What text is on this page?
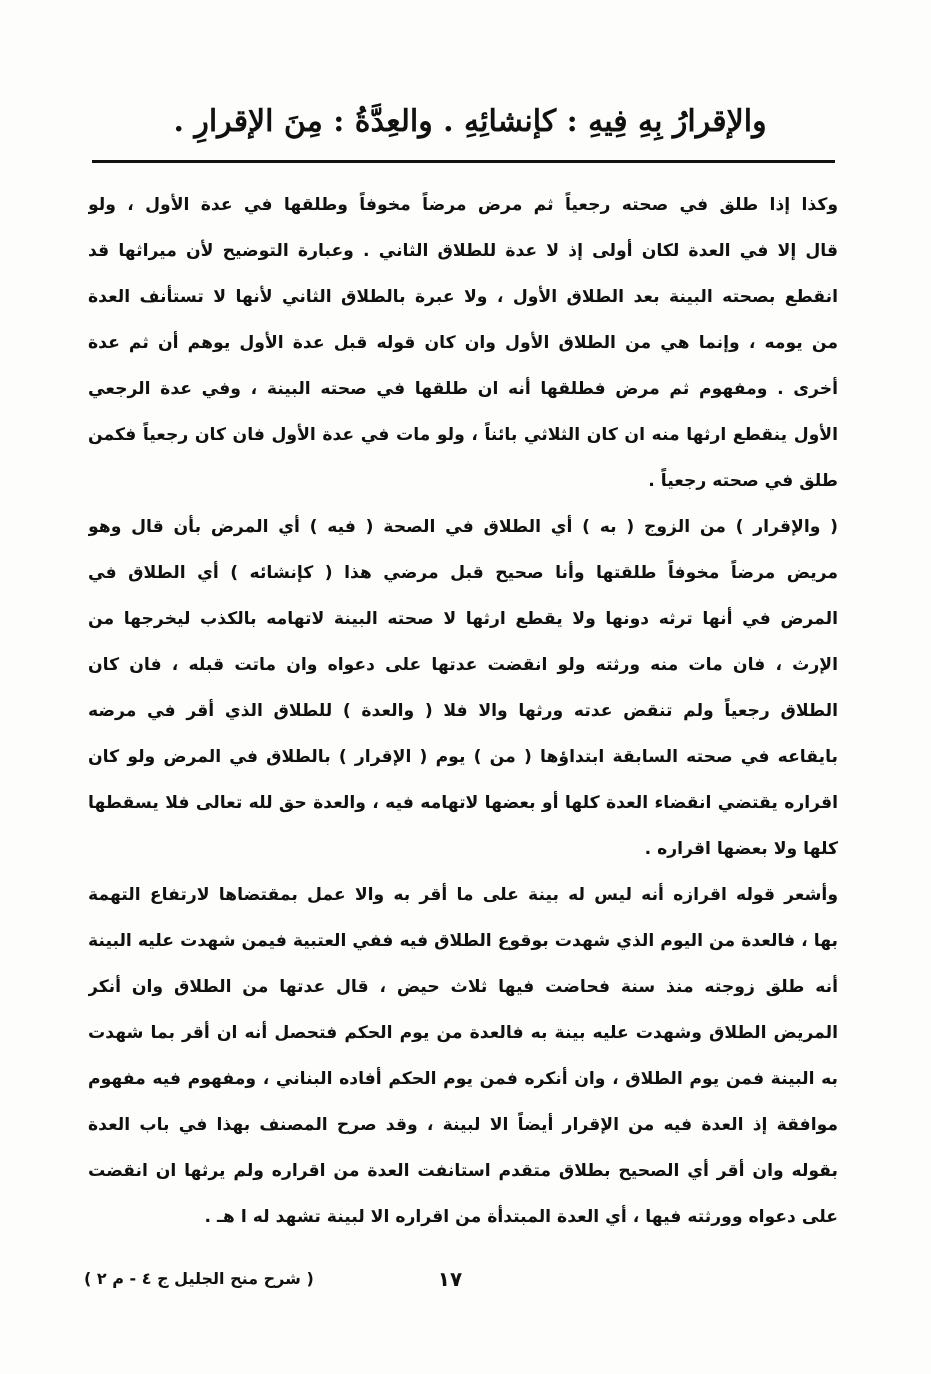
والإقرارُ بِهِ فِيهِ : كإنشائِهِ . والعِدَّةُ : مِنَ الإقرارِ .
وكذا إذا طلق في صحته رجعياً ثم مرض مرضاً مخوفاً وطلقها في عدة الأول ، ولو
قال إلا في العدة لكان أولى إذ لا عدة للطلاق الثاني . وعبارة التوضيح لأن ميراثها قد
انقطع بصحته البينة بعد الطلاق الأول ، ولا عبرة بالطلاق الثاني لأنها لا تستأنف العدة
من يومه ، وإنما هي من الطلاق الأول وان كان قوله قبل عدة الأول يوهم أن ثم عدة
أخرى . ومفهوم ثم مرض فطلقها أنه ان طلقها في صحته البينة ، وفي عدة الرجعي
الأول ينقطع ارثها منه ان كان الثلاثي بائناً ، ولو مات في عدة الأول فان كان رجعياً فكمن
طلق في صحته رجعياً .
( والإقرار ) من الزوج ( به ) أي الطلاق في الصحة ( فيه ) أي المرض بأن قال وهو
مريض مرضاً مخوفاً طلقتها وأنا صحيح قبل مرضي هذا ( كإنشائه ) أي الطلاق في
المرض في أنها ترثه دونها ولا يقطع ارثها لا صحته البينة لاتهامه بالكذب ليخرجها من
الإرث ، فان مات منه ورثته ولو انقضت عدتها على دعواه وان ماتت قبله ، فان كان
الطلاق رجعياً ولم تنقض عدته ورثها والا فلا ( والعدة ) للطلاق الذي أقر في مرضه
بايقاعه في صحته السابقة ابتداؤها ( من ) يوم ( الإقرار ) بالطلاق في المرض ولو كان
اقراره يقتضي انقضاء العدة كلها أو بعضها لاتهامه فيه ، والعدة حق لله تعالى فلا يسقطها
كلها ولا بعضها اقراره .
وأشعر قوله اقرازه أنه ليس له بينة على ما أقر به والا عمل بمقتضاها لارتفاع التهمة
بها ، فالعدة من اليوم الذي شهدت بوقوع الطلاق فيه ففي العتبية فيمن شهدت عليه البينة
أنه طلق زوجته منذ سنة فحاضت فيها ثلاث حيض ، قال عدتها من الطلاق وان أنكر
المريض الطلاق وشهدت عليه بينة به فالعدة من يوم الحكم فتحصل أنه ان أقر بما شهدت
به البينة فمن يوم الطلاق ، وان أنكره فمن يوم الحكم أفاده البناني ، ومفهوم فيه مفهوم
موافقة إذ العدة فيه من الإقرار أيضاً الا لبينة ، وقد صرح المصنف بهذا في باب العدة
بقوله وان أقر أي الصحيح بطلاق متقدم استانفت العدة من اقراره ولم يرثها ان انقضت
على دعواه وورثته فيها ، أي العدة المبتدأة من اقراره الا لبينة تشهد له ا هـ .
١٧
( شرح منح الجليل ج ٤ - م ٢ )
